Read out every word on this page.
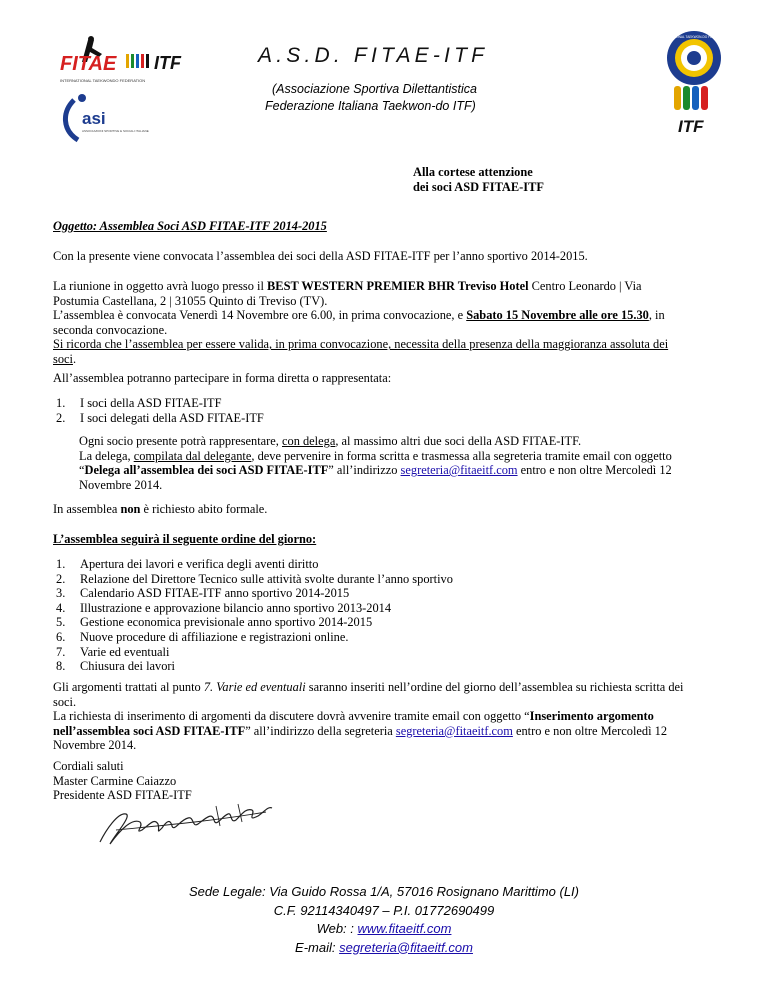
FITAE ITF
INTERNATIONAL TAEKWONDO FEDERATION
asi
ASSOCIAZIONI SPORTIVE E SOCIALI ITALIANE
INTERNATIONAL TAEKWON-DO FEDERATION
ITF
A.S.D. FITAE-ITF
(Associazione Sportiva Dilettantistica
Federazione Italiana Taekwon-do ITF)
Alla cortese attenzione
dei soci ASD FITAE-ITF
Oggetto: Assemblea Soci ASD FITAE-ITF 2014-2015
Con la presente viene convocata l’assemblea dei soci della ASD FITAE-ITF per l’anno sportivo 2014-2015.
La riunione in oggetto avrà luogo presso il BEST WESTERN PREMIER BHR Treviso Hotel Centro Leonardo | Via
Postumia Castellana, 2 | 31055 Quinto di Treviso (TV).
L’assemblea è convocata Venerdì 14 Novembre ore 6.00, in prima convocazione, e Sabato 15 Novembre alle ore 15.30, in
seconda convocazione.
Si ricorda che l’assemblea per essere valida, in prima convocazione, necessita della presenza della maggioranza assoluta dei
soci.
All’assemblea potranno partecipare in forma diretta o rappresentata:
1. I soci della ASD FITAE-ITF
2. I soci delegati della ASD FITAE-ITF
Ogni socio presente potrà rappresentare, con delega, al massimo altri due soci della ASD FITAE-ITF.
La delega, compilata dal delegante, deve pervenire in forma scritta e trasmessa alla segreteria tramite email con oggetto
“Delega all’assemblea dei soci ASD FITAE-ITF” all’indirizzo segreteria@fitaeitf.com entro e non oltre Mercoledì 12
Novembre 2014.
In assemblea non è richiesto abito formale.
L’assemblea seguirà il seguente ordine del giorno:
1. Apertura dei lavori e verifica degli aventi diritto
2. Relazione del Direttore Tecnico sulle attività svolte durante l’anno sportivo
3. Calendario ASD FITAE-ITF anno sportivo 2014-2015
4. Illustrazione e approvazione bilancio anno sportivo 2013-2014
5. Gestione economica previsionale anno sportivo 2014-2015
6. Nuove procedure di affiliazione e registrazioni online.
7. Varie ed eventuali
8. Chiusura dei lavori
Gli argomenti trattati al punto 7. Varie ed eventuali saranno inseriti nell’ordine del giorno dell’assemblea su richiesta scritta dei
soci.
La richiesta di inserimento di argomenti da discutere dovrà avvenire tramite email con oggetto “Inserimento argomento
nell’assemblea soci ASD FITAE-ITF” all’indirizzo della segreteria segreteria@fitaeitf.com entro e non oltre Mercoledì 12
Novembre 2014.
Cordiali saluti
Master Carmine Caiazzo
Presidente ASD FITAE-ITF
Sede Legale: Via Guido Rossa 1/A, 57016 Rosignano Marittimo (LI)
C.F. 92114340497 – P.I. 01772690499
Web: : www.fitaeitf.com
E-mail: segreteria@fitaeitf.com
